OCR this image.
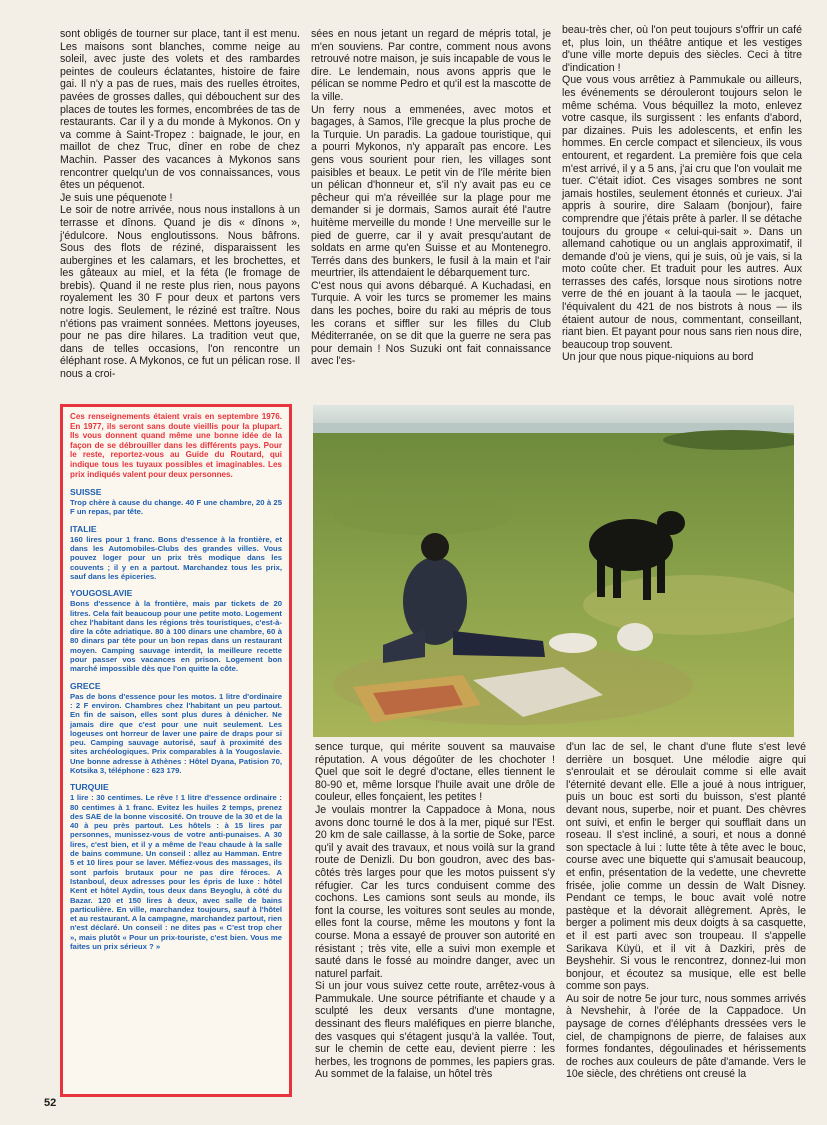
sont obligés de tourner sur place, tant il est menu. Les maisons sont blanches, comme neige au soleil, avec juste des volets et des rambardes peintes de couleurs éclatantes, histoire de faire gai. Il n'y a pas de rues, mais des ruelles étroites, pavées de grosses dalles, qui débouchent sur des places de toutes les formes, encombrées de tas de restaurants. Car il y a du monde à Mykonos. On y va comme à Saint-Tropez : baignade, le jour, en maillot de chez Truc, dîner en robe de chez Machin. Passer des vacances à Mykonos sans rencontrer quelqu'un de vos connaissances, vous êtes un péquenot.

Je suis une péquenote !

Le soir de notre arrivée, nous nous installons à un terrasse et dînons. Quand je dis « dînons », j'édulcore. Nous engloutissons. Nous bâfrons. Sous des flots de réziné, disparaissent les aubergines et les calamars, et les brochettes, et les gâteaux au miel, et la féta (le fromage de brebis). Quand il ne reste plus rien, nous payons royalement les 30 F pour deux et partons vers notre logis. Seulement, le réziné est traître. Nous n'étions pas vraiment sonnées. Mettons joyeuses, pour ne pas dire hilares. La tradition veut que, dans de telles occasions, l'on rencontre un éléphant rose. A Mykonos, ce fut un pélican rose. Il nous a croi-

sées en nous jetant un regard de mépris total, je m'en souviens. Par contre, comment nous avons retrouvé notre maison, je suis incapable de vous le dire. Le lendemain, nous avons appris que le pélican se nomme Pedro et qu'il est la mascotte de la ville.

Un ferry nous a emmenées, avec motos et bagages, à Samos, l'île grecque la plus proche de la Turquie. Un paradis. La gadoue touristique, qui a pourri Mykonos, n'y apparaît pas encore. Les gens vous sourient pour rien, les villages sont paisibles et beaux. Le petit vin de l'île mérite bien un pélican d'honneur et, s'il n'y avait pas eu ce pêcheur qui m'a réveillée sur la plage pour me demander si je dormais, Samos aurait été l'autre huitème merveille du monde ! Une merveille sur le pied de guerre, car il y avait presqu'autant de soldats en arme qu'en Suisse et au Montenegro. Terrés dans des bunkers, le fusil à la main et l'air meurtrier, ils attendaient le débarquement turc.

C'est nous qui avons débarqué. A Kuchadasi, en Turquie. A voir les turcs se promemer les mains dans les poches, boire du raki au mépris de tous les corans et siffler sur les filles du Club Méditerranée, on se dit que la guerre ne sera pas pour demain ! Nos Suzuki ont fait connaissance avec l'es-

beau-très cher, où l'on peut toujours s'offrir un café et, plus loin, un théâtre antique et les vestiges d'une ville morte depuis des siècles. Ceci à titre d'indication !

Que vous vous arrêtiez à Pammukale ou ailleurs, les événements se dérouleront toujours selon le même schéma. Vous béquillez la moto, enlevez votre casque, ils surgissent : les enfants d'abord, par dizaines. Puis les adolescents, et enfin les hommes. En cercle compact et silencieux, ils vous entourent, et regardent. La première fois que cela m'est arrivé, il y a 5 ans, j'ai cru que l'on voulait me tuer. C'était idiot. Ces visages sombres ne sont jamais hostiles, seulement étonnés et curieux. J'ai appris à sourire, dire Salaam (bonjour), faire comprendre que j'étais prête à parler. Il se détache toujours du groupe « celui-qui-sait ». Dans un allemand cahotique ou un anglais approximatif, il demande d'où je viens, qui je suis, où je vais, si la moto coûte cher. Et traduit pour les autres. Aux terrasses des cafés, lorsque nous sirotions notre verre de thé en jouant à la taoula — le jacquet, l'équivalent du 421 de nos bistrots à nous — ils étaient autour de nous, commentant, conseillant, riant bien. Et payant pour nous sans rien nous dire, beaucoup trop souvent.

Un jour que nous pique-niquions au bord

Ces renseignements étaient vrais en septembre 1976. En 1977, ils seront sans doute vieillis pour la plupart. Ils vous donnent quand même une bonne idée de la façon de se débrouiller dans les différents pays. Pour le reste, reportez-vous au Guide du Routard, qui indique tous les tuyaux possibles et imaginables. Les prix indiqués valent pour deux personnes.

SUISSE

Trop chère à cause du change. 40 F une chambre, 20 à 25 F un repas, par tête.

ITALIE

160 lires pour 1 franc. Bons d'essence à la frontière, et dans les Automobiles-Clubs des grandes villes. Vous pouvez loger pour un prix très modique dans les couvents ; il y en a partout. Marchandez tous les prix, sauf dans les épiceries.

YOUGOSLAVIE

Bons d'essence à la frontière, mais par tickets de 20 litres. Cela fait beaucoup pour une petite moto. Logement chez l'habitant dans les régions très touristiques, c'est-à-dire la côte adriatique. 80 à 100 dinars une chambre, 60 à 80 dinars par tête pour un bon repas dans un restaurant moyen. Camping sauvage interdit, la meilleure recette pour passer vos vacances en prison. Logement bon marché impossible dès que l'on quitte la côte.

GRECE

Pas de bons d'essence pour les motos. 1 litre d'ordinaire : 2 F environ. Chambres chez l'habitant un peu partout. En fin de saison, elles sont plus dures à dénicher. Ne jamais dire que c'est pour une nuit seulement. Les logeuses ont horreur de laver une paire de draps pour si peu. Camping sauvage autorisé, sauf à proximité des sites archéologiques. Prix comparables à la Yougoslavie. Une bonne adresse à Athènes : Hôtel Dyana, Patision 70, Kotsika 3, téléphone : 623 179.

TURQUIE

1 lire : 30 centimes. Le rêve ! 1 litre d'essence ordinaire : 80 centimes à 1 franc. Evitez les huiles 2 temps, prenez des SAE de la bonne viscosité. On trouve de la 30 et de la 40 à peu près partout. Les hôtels : à 15 lires par personnes, munissez-vous de votre anti-punaises. A 30 lires, c'est bien, et il y a même de l'eau chaude à la salle de bains commune. Un conseil : allez au Hamman. Entre 5 et 10 lires pour se laver. Méfiez-vous des massages, ils sont parfois brutaux pour ne pas dire féroces. A Istanboul, deux adresses pour les épris de luxe : hôtel Kent et hôtel Aydin, tous deux dans Beyoglu, à côté du Bazar. 120 et 150 lires à deux, avec salle de bains particulière. En ville, marchandez toujours, sauf à l'hôtel et au restaurant. A la campagne, marchandez partout, rien n'est déclaré. Un conseil : ne dites pas « C'est trop cher », mais plutôt « Pour un prix-touriste, c'est bien. Vous me faites un prix sérieux ? »

sence turque, qui mérite souvent sa mauvaise réputation. A vous dégoûter de les chochoter ! Quel que soit le degré d'octane, elles tiennent le 80-90 et, même lorsque l'huile avait une drôle de couleur, elles fonçaient, les petites !

Je voulais montrer la Cappadoce à Mona, nous avons donc tourné le dos à la mer, piqué sur l'Est. 20 km de sale caillasse, à la sortie de Soke, parce qu'il y avait des travaux, et nous voilà sur la grand route de Denizli. Du bon goudron, avec des bas-côtés très larges pour que les motos puissent s'y réfugier. Car les turcs conduisent comme des cochons. Les camions sont seuls au monde, ils font la course, les voitures sont seules au monde, elles font la course, même les moutons y font la course. Mona a essayé de prouver son autorité en résistant ; très vite, elle a suivi mon exemple et sauté dans le fossé au moindre danger, avec un naturel parfait.

Si un jour vous suivez cette route, arrêtez-vous à Pammukale. Une source pétrifiante et chaude y a sculpté les deux versants d'une montagne, dessinant des fleurs maléfiques en pierre blanche, des vasques qui s'étagent jusqu'à la vallée. Tout, sur le chemin de cette eau, devient pierre : les herbes, les trognons de pommes, les papiers gras. Au sommet de la falaise, un hôtel très

d'un lac de sel, le chant d'une flute s'est levé derrière un bosquet. Une mélodie aigre qui s'enroulait et se déroulait comme si elle avait l'éternité devant elle. Elle a joué à nous intriguer, puis un bouc est sorti du buisson, s'est planté devant nous, superbe, noir et puant. Des chèvres ont suivi, et enfin le berger qui soufflait dans un roseau. Il s'est incliné, a souri, et nous a donné son spectacle à lui : lutte tête à tête avec le bouc, course avec une biquette qui s'amusait beaucoup, et enfin, présentation de la vedette, une chevrette frisée, jolie comme un dessin de Walt Disney. Pendant ce temps, le bouc avait volé notre pastèque et la dévorait allègrement. Après, le berger a poliment mis deux doigts à sa casquette, et il est parti avec son troupeau. Il s'appelle Sarikava Küyü, et il vit à Dazkiri, près de Beyshehir. Si vous le rencontrez, donnez-lui mon bonjour, et écoutez sa musique, elle est belle comme son pays.

Au soir de notre 5e jour turc, nous sommes arrivés à Nevshehir, à l'orée de la Cappadoce. Un paysage de cornes d'éléphants dressées vers le ciel, de champignons de pierre, de falaises aux formes fondantes, dégoulinades et hérissements de roches aux couleurs de pâte d'amande. Vers le 10e siècle, des chrétiens ont creusé la

52
